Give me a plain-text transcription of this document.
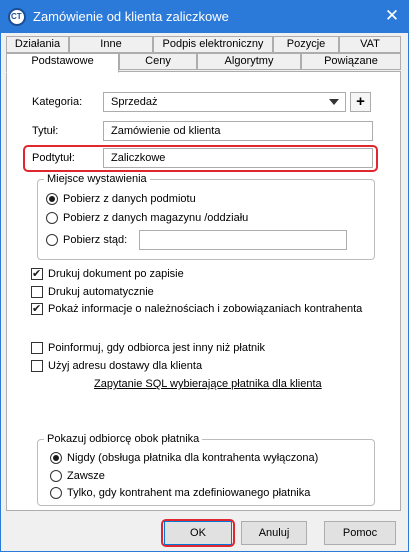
CT
Zamówienie od klienta zaliczkowe	✕
Działania	Inne	Podpis elektroniczny	Pozycje	VAT
Podstawowe	Ceny	Algorytmy	Powiązane
Kategoria:	Sprzedaż	+
Tytuł:	Zamówienie od klienta
Podtytuł:	Zaliczkowe
Miejsce wystawienia
Pobierz z danych podmiotu
Pobierz z danych magazynu /oddziału
Pobierz stąd:
✔
Drukuj dokument po zapisie
Drukuj automatycznie
✔
Pokaż informacje o należnościach i zobowiązaniach kontrahenta
Poinformuj, gdy odbiorca jest inny niż płatnik
Użyj adresu dostawy dla klienta
Zapytanie SQL wybierające płatnika dla klienta
Pokazuj odbiorcę obok płatnika
Nigdy (obsługa płatnika dla kontrahenta wyłączona)
Zawsze
Tylko, gdy kontrahent ma zdefiniowanego płatnika
OK	Anuluj	Pomoc
